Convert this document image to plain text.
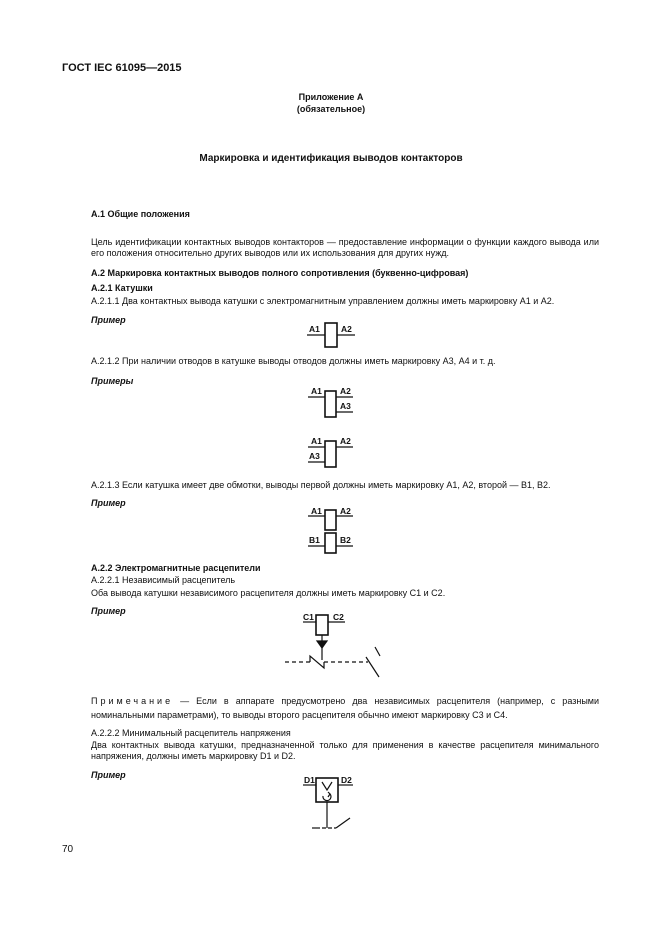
ГОСТ IEC 61095—2015
Приложение А
(обязательное)
Маркировка и идентификация выводов контакторов
А.1 Общие положения
Цель идентификации контактных выводов контакторов — предоставление информации о функции каждого вывода или его положения относительно других выводов или их использования для других нужд.
А.2 Маркировка контактных выводов полного сопротивления (буквенно-цифровая)
А.2.1 Катушки
А.2.1.1 Два контактных вывода катушки с электромагнитным управлением должны иметь маркировку А1 и А2.
Пример
А.2.1.2 При наличии отводов в катушке выводы отводов должны иметь маркировку А3, А4 и т. д.
Примеры
А.2.1.3 Если катушка имеет две обмотки, выводы первой должны иметь маркировку А1, А2, второй — В1, В2.
Пример
А.2.2 Электромагнитные расцепители
А.2.2.1 Независимый расцепитель
Оба вывода катушки независимого расцепителя должны иметь маркировку С1 и С2.
Пример
Примечание — Если в аппарате предусмотрено два независимых расцепителя (например, с разными номинальными параметрами), то выводы второго расцепителя обычно имеют маркировку С3 и С4.
А.2.2.2 Минимальный расцепитель напряжения
Два контактных вывода катушки, предназначенной только для применения в качестве расцепителя минимального напряжения, должны иметь маркировку D1 и D2.
Пример
А1 А2
А1 А2
А3
А1 А2
А3
А1 А2
В1 В2
С1 С2
D1	D2
70
